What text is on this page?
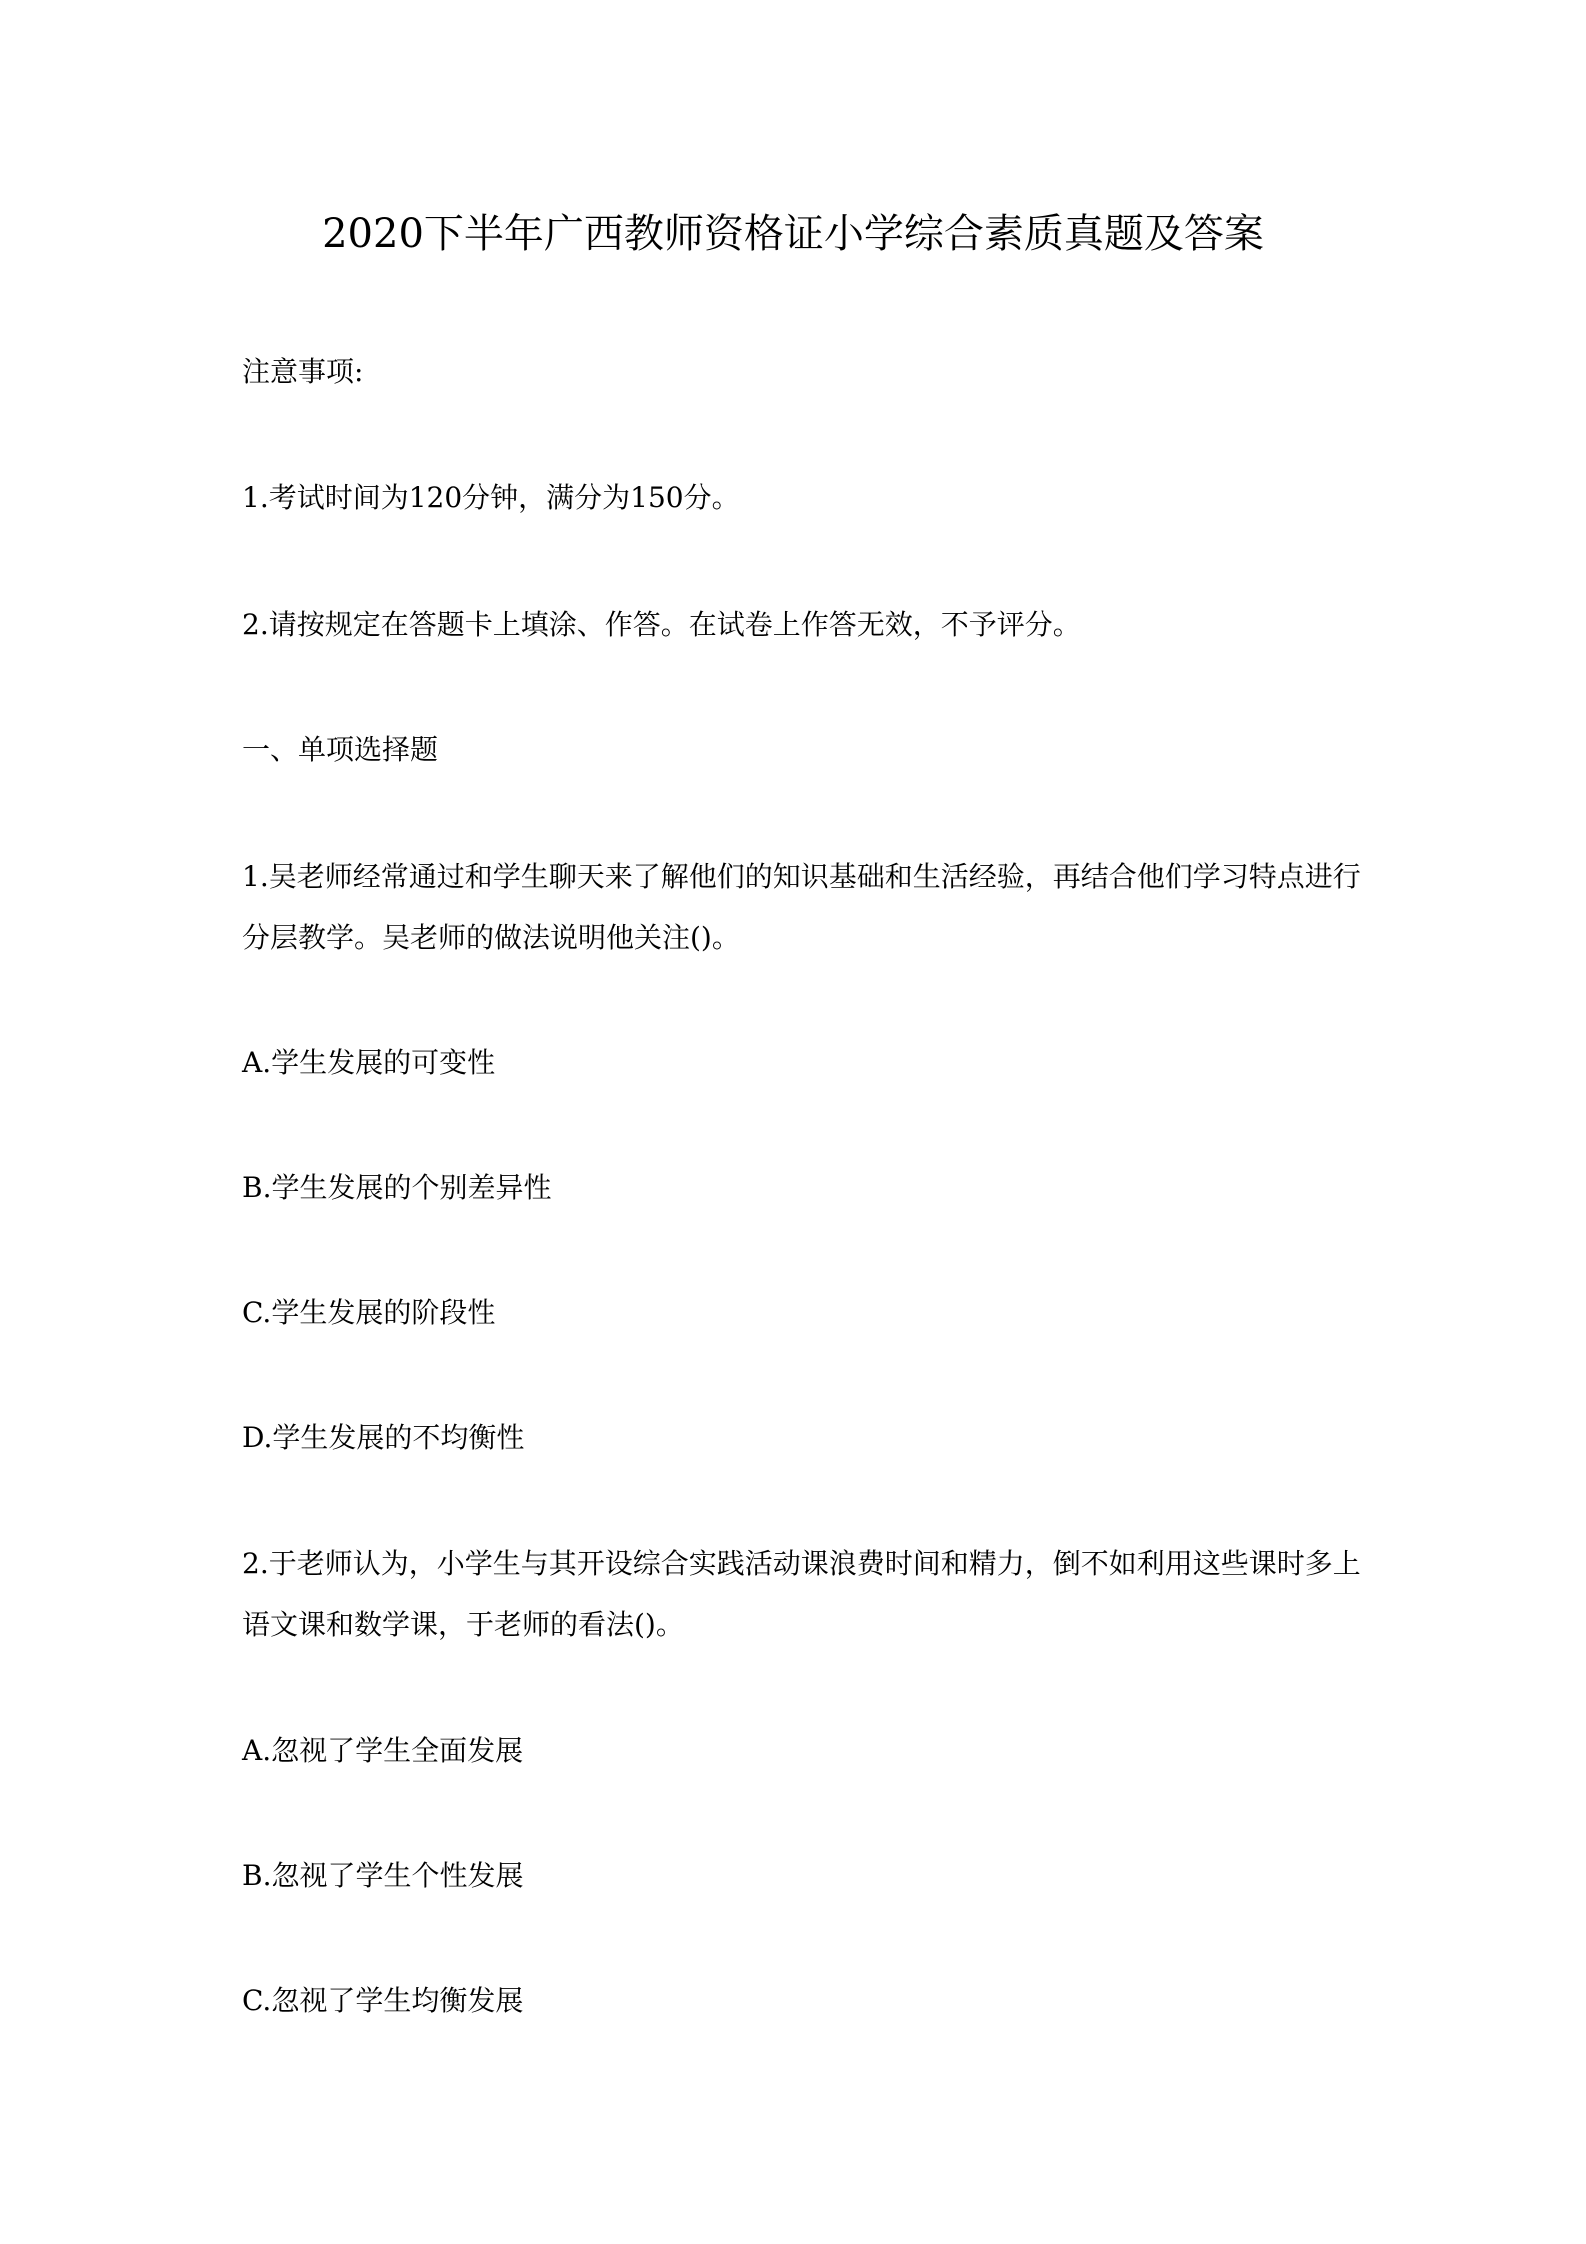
2020下半年广西教师资格证小学综合素质真题及答案
注意事项:
1.考试时间为120分钟，满分为150分。
2.请按规定在答题卡上填涂、作答。在试卷上作答无效，不予评分。
一、单项选择题
1.吴老师经常通过和学生聊天来了解他们的知识基础和生活经验，再结合他们学习特点进行
分层教学。吴老师的做法说明他关注()。
A.学生发展的可变性
B.学生发展的个别差异性
C.学生发展的阶段性
D.学生发展的不均衡性
2.于老师认为，小学生与其开设综合实践活动课浪费时间和精力，倒不如利用这些课时多上
语文课和数学课，于老师的看法()。
A.忽视了学生全面发展
B.忽视了学生个性发展
C.忽视了学生均衡发展
